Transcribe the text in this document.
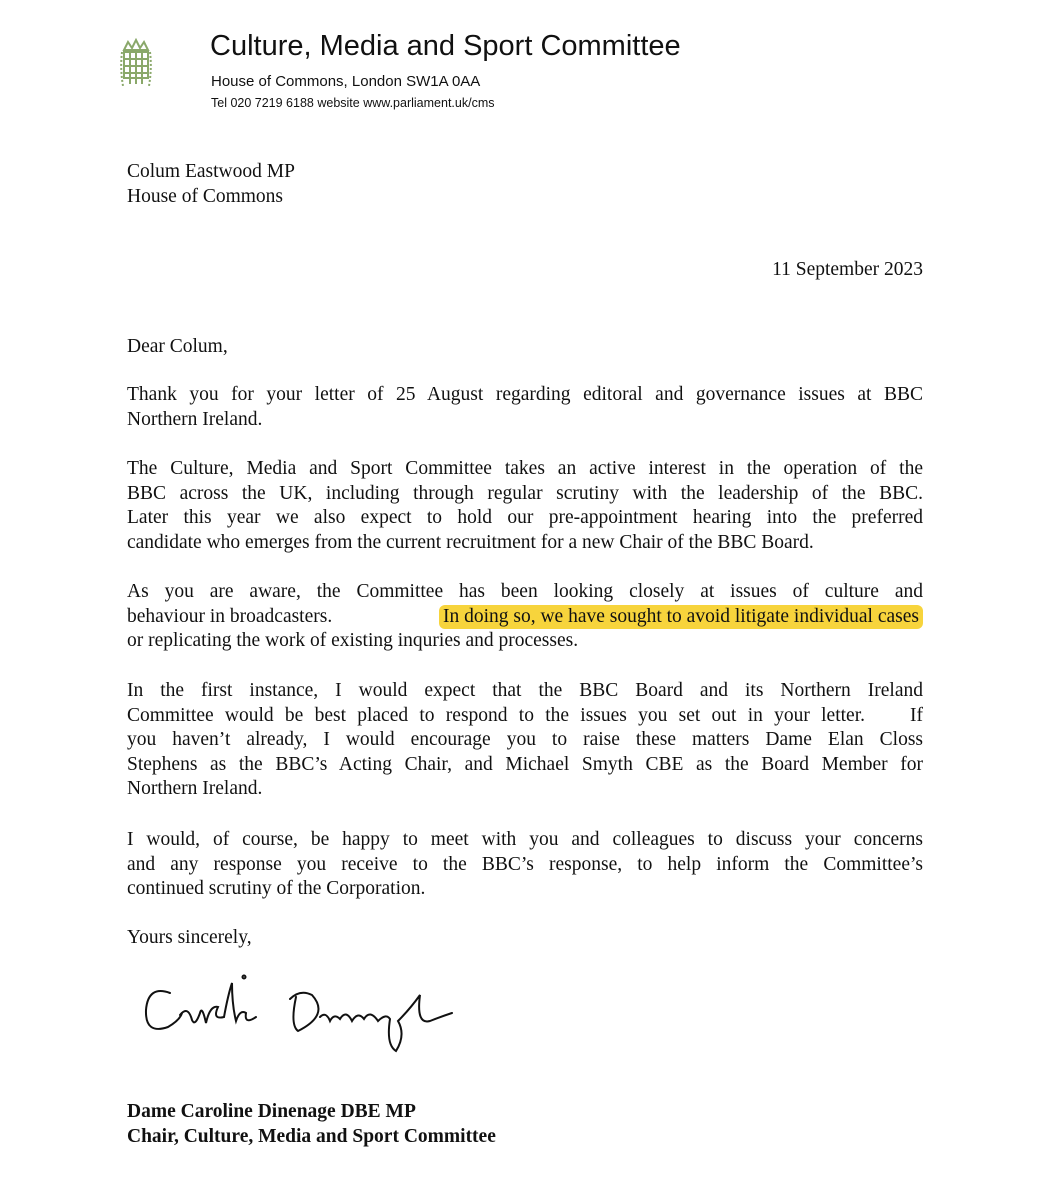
Culture, Media and Sport Committee
House of Commons, London SW1A 0AA
Tel 020 7219 6188 website www.parliament.uk/cms
Colum Eastwood MP
House of Commons
11 September 2023
Dear Colum,
Thank you for your letter of 25 August regarding editoral and governance issues at BBC
Northern Ireland.
The Culture, Media and Sport Committee takes an active interest in the operation of the
BBC across the UK, including through regular scrutiny with the leadership of the BBC.
Later this year we also expect to hold our pre-appointment hearing into the preferred
candidate who emerges from the current recruitment for a new Chair of the BBC Board.
As you are aware, the Committee has been looking closely at issues of culture and
behaviour in broadcasters.	In doing so, we have sought to avoid litigate individual cases
or replicating the work of existing inquries and processes.
In the first instance, I would expect that the BBC Board and its Northern Ireland
Committee would be best placed to respond to the issues you set out in your letter.    If
you haven’t already, I would encourage you to raise these matters Dame Elan Closs
Stephens as the BBC’s Acting Chair, and Michael Smyth CBE as the Board Member for
Northern Ireland.
I would, of course, be happy to meet with you and colleagues to discuss your concerns
and any response you receive to the BBC’s response, to help inform the Committee’s
continued scrutiny of the Corporation.
Yours sincerely,
Dame Caroline Dinenage DBE MP
Chair, Culture, Media and Sport Committee
